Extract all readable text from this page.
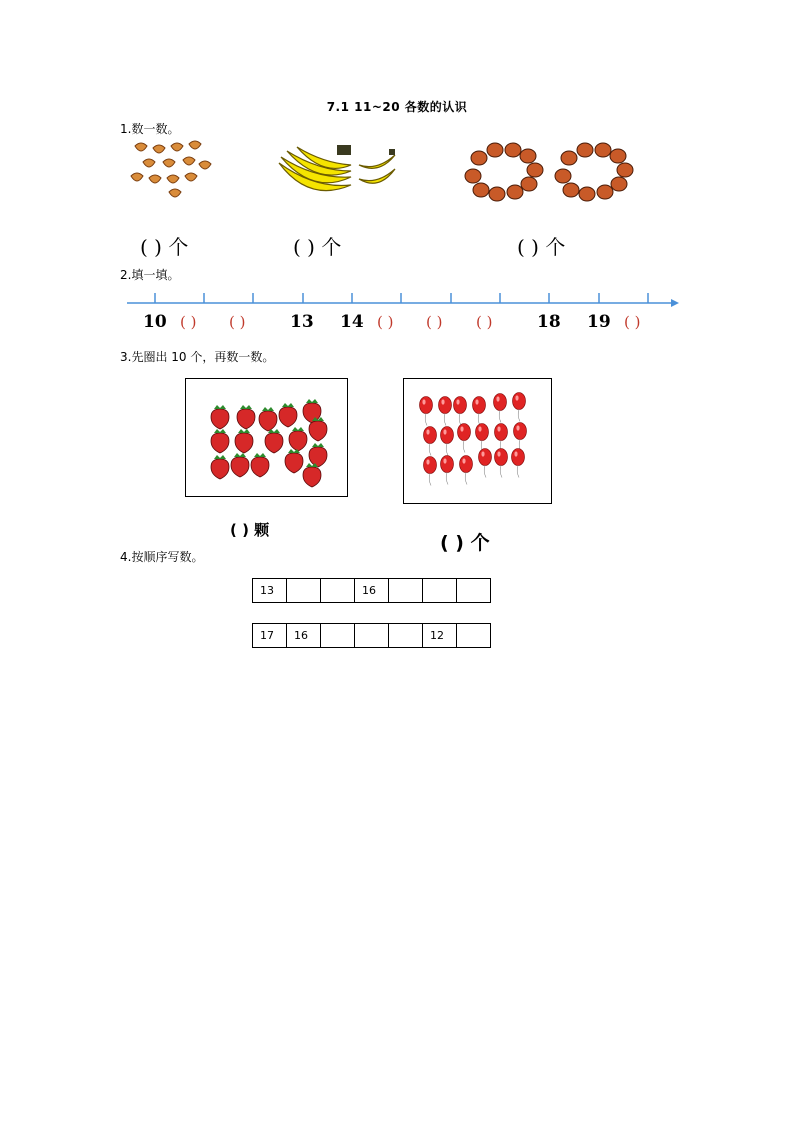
7.1 11~20 各数的认识
1.数一数。
( ) 个	( ) 个	( ) 个
2.填一填。
10 ( ) ( )	13 14 ( ) ( ) ( )	18 19 ( )
3.先圈出 10 个，再数一数。
( ) 颗
( ) 个
4.按顺序写数。
13			16			
17	16				12	
